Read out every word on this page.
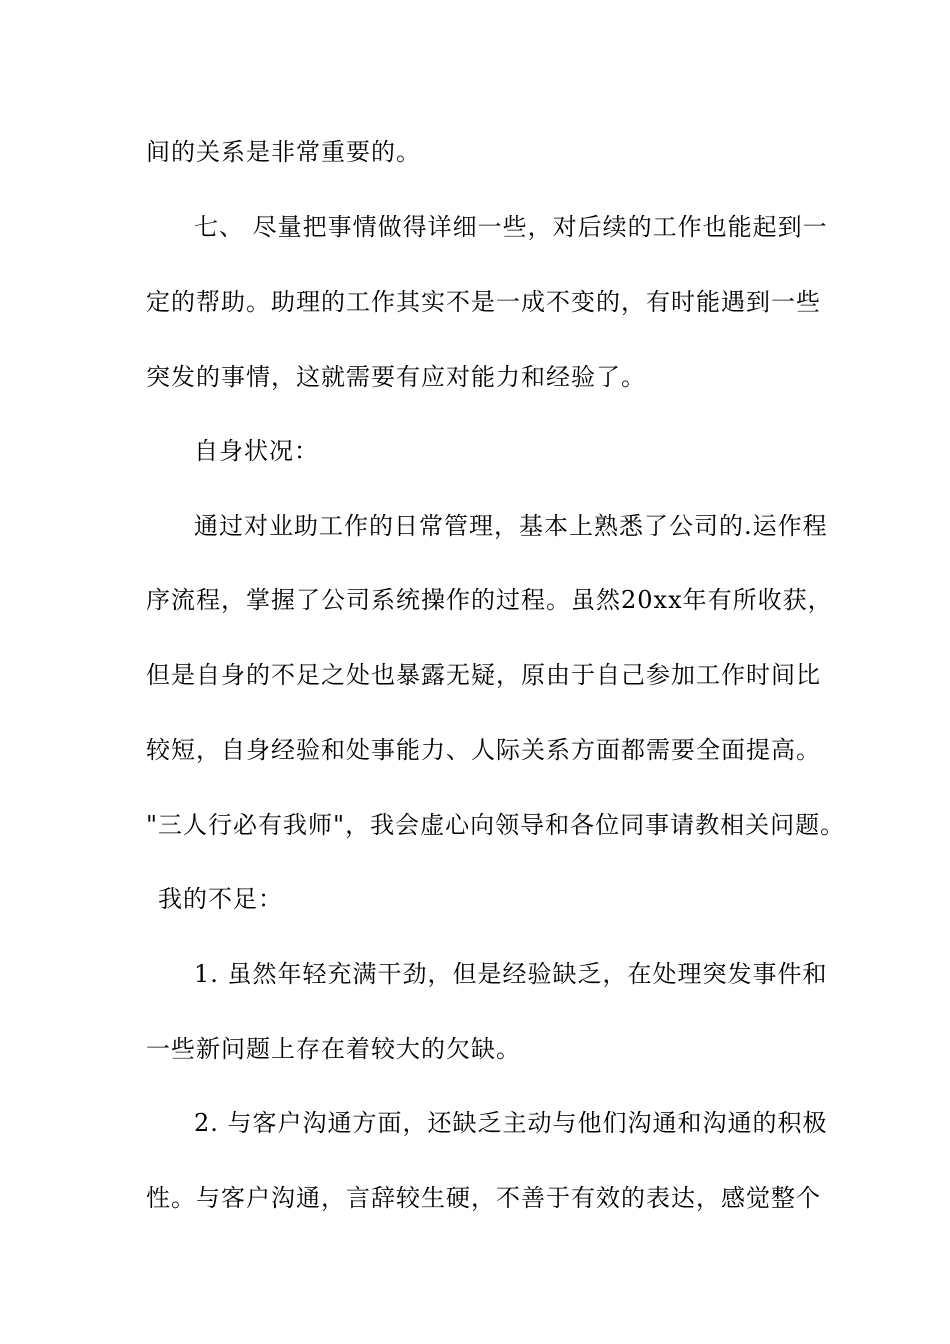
间的关系是非常重要的。
七、 尽量把事情做得详细一些，对后续的工作也能起到一
定的帮助。助理的工作其实不是一成不变的，有时能遇到一些
突发的事情，这就需要有应对能力和经验了。
自身状况：
通过对业助工作的日常管理，基本上熟悉了公司的.运作程
序流程，掌握了公司系统操作的过程。虽然20xx年有所收获，
但是自身的不足之处也暴露无疑，原由于自己参加工作时间比
较短，自身经验和处事能力、人际关系方面都需要全面提高。
"三人行必有我师"，我会虚心向领导和各位同事请教相关问题。
我的不足：
1. 虽然年轻充满干劲，但是经验缺乏，在处理突发事件和
一些新问题上存在着较大的欠缺。
2. 与客户沟通方面，还缺乏主动与他们沟通和沟通的积极
性。与客户沟通，言辞较生硬，不善于有效的表达，感觉整个
